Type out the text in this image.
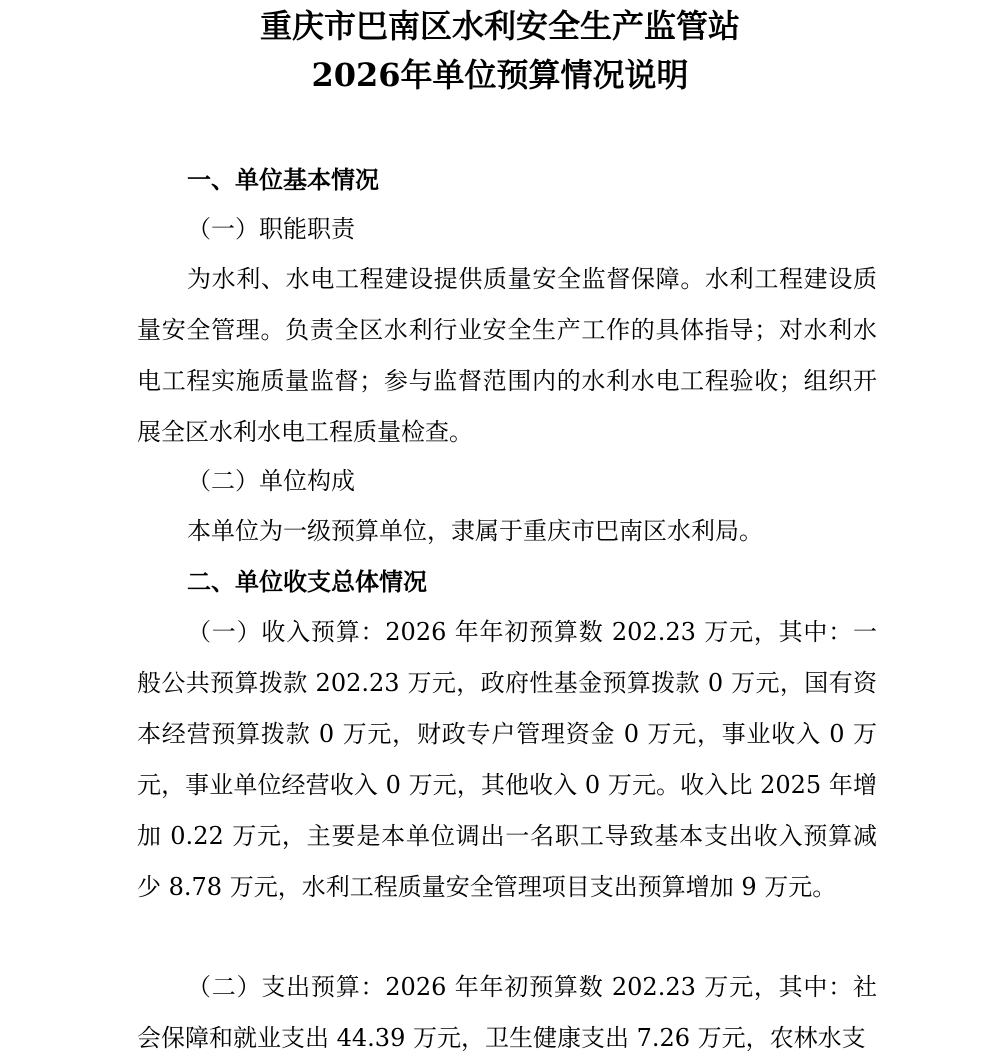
重庆市巴南区水利安全生产监管站
2026年单位预算情况说明

一、单位基本情况

（一）职能职责

为水利、水电工程建设提供质量安全监督保障。水利工程建设质量安全管理。负责全区水利行业安全生产工作的具体指导；对水利水电工程实施质量监督；参与监督范围内的水利水电工程验收；组织开展全区水利水电工程质量检查。

（二）单位构成

本单位为一级预算单位，隶属于重庆市巴南区水利局。

二、单位收支总体情况

（一）收入预算：2026 年年初预算数 202.23 万元，其中：一般公共预算拨款 202.23 万元，政府性基金预算拨款 0 万元，国有资本经营预算拨款 0 万元，财政专户管理资金 0 万元，事业收入 0 万元，事业单位经营收入 0 万元，其他收入 0 万元。收入比 2025 年增加 0.22 万元，主要是本单位调出一名职工导致基本支出收入预算减少 8.78 万元，水利工程质量安全管理项目支出预算增加 9 万元。

（二）支出预算：2026 年年初预算数 202.23 万元，其中：社会保障和就业支出 44.39 万元，卫生健康支出 7.26 万元，农林水支
